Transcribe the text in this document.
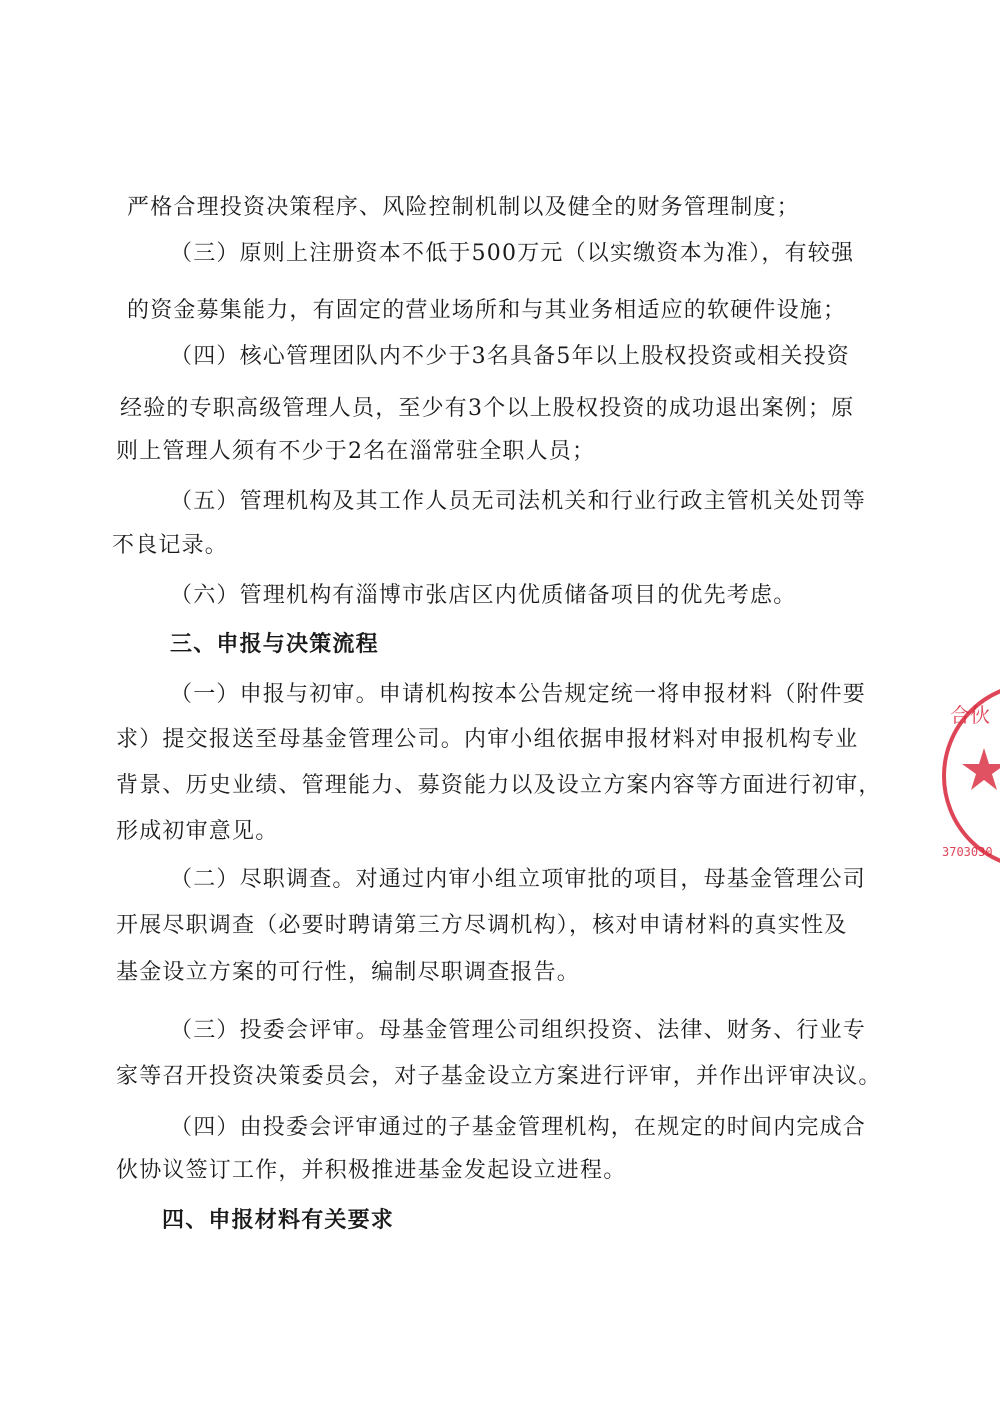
严格合理投资决策程序、风险控制机制以及健全的财务管理制度；
（三）原则上注册资本不低于500万元（以实缴资本为准），有较强
的资金募集能力，有固定的营业场所和与其业务相适应的软硬件设施；
（四）核心管理团队内不少于3名具备5年以上股权投资或相关投资
经验的专职高级管理人员，至少有3个以上股权投资的成功退出案例；原
则上管理人须有不少于2名在淄常驻全职人员；
（五）管理机构及其工作人员无司法机关和行业行政主管机关处罚等
不良记录。
（六）管理机构有淄博市张店区内优质储备项目的优先考虑。
三、申报与决策流程
（一）申报与初审。申请机构按本公告规定统一将申报材料（附件要
求）提交报送至母基金管理公司。内审小组依据申报材料对申报机构专业
背景、历史业绩、管理能力、募资能力以及设立方案内容等方面进行初审，
形成初审意见。
（二）尽职调查。对通过内审小组立项审批的项目，母基金管理公司
开展尽职调查（必要时聘请第三方尽调机构），核对申请材料的真实性及
基金设立方案的可行性，编制尽职调查报告。
（三）投委会评审。母基金管理公司组织投资、法律、财务、行业专
家等召开投资决策委员会，对子基金设立方案进行评审，并作出评审决议。
（四）由投委会评审通过的子基金管理机构，在规定的时间内完成合
伙协议签订工作，并积极推进基金发起设立进程。
四、申报材料有关要求
合伙
3703030
